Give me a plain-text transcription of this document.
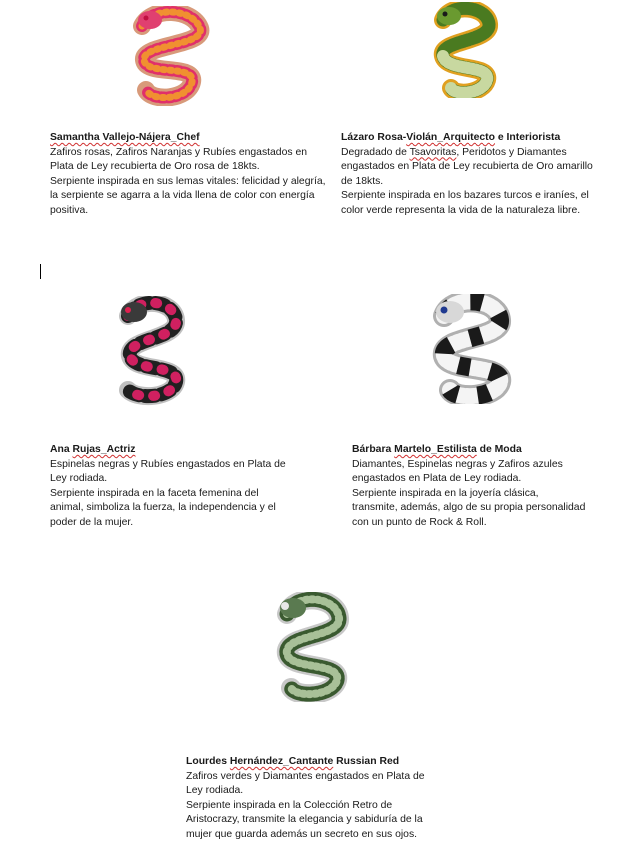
Samantha Vallejo-Nájera_Chef

Zafiros rosas, Zafiros Naranjas y Rubíes engastados en Plata de Ley recubierta de Oro rosa de 18kts.

Serpiente inspirada en sus lemas vitales: felicidad y alegría, la serpiente se agarra a la vida llena de color con energía positiva.

Lázaro Rosa-Violán_Arquitecto e Interiorista

Degradado de Tsavoritas, Peridotos y Diamantes engastados en Plata de Ley recubierta de Oro amarillo de 18kts.

Serpiente inspirada en los bazares turcos e iraníes, el color verde representa la vida de la naturaleza libre.

Ana Rujas_Actriz

Espinelas negras y Rubíes engastados en Plata de Ley rodiada.

Serpiente inspirada en la faceta femenina del animal, simboliza la fuerza, la independencia y el poder de la mujer.

Bárbara Martelo_Estilista de Moda

Diamantes, Espinelas negras y Zafiros azules engastados en Plata de Ley rodiada.

Serpiente inspirada en la joyería clásica, transmite, además, algo de su propia personalidad con un punto de Rock & Roll.

Lourdes Hernández_Cantante Russian Red

Zafiros verdes y Diamantes engastados en Plata de Ley rodiada.

Serpiente inspirada en la Colección Retro de Aristocrazy, transmite la elegancia y sabiduría de la mujer que guarda además un secreto en sus ojos.
